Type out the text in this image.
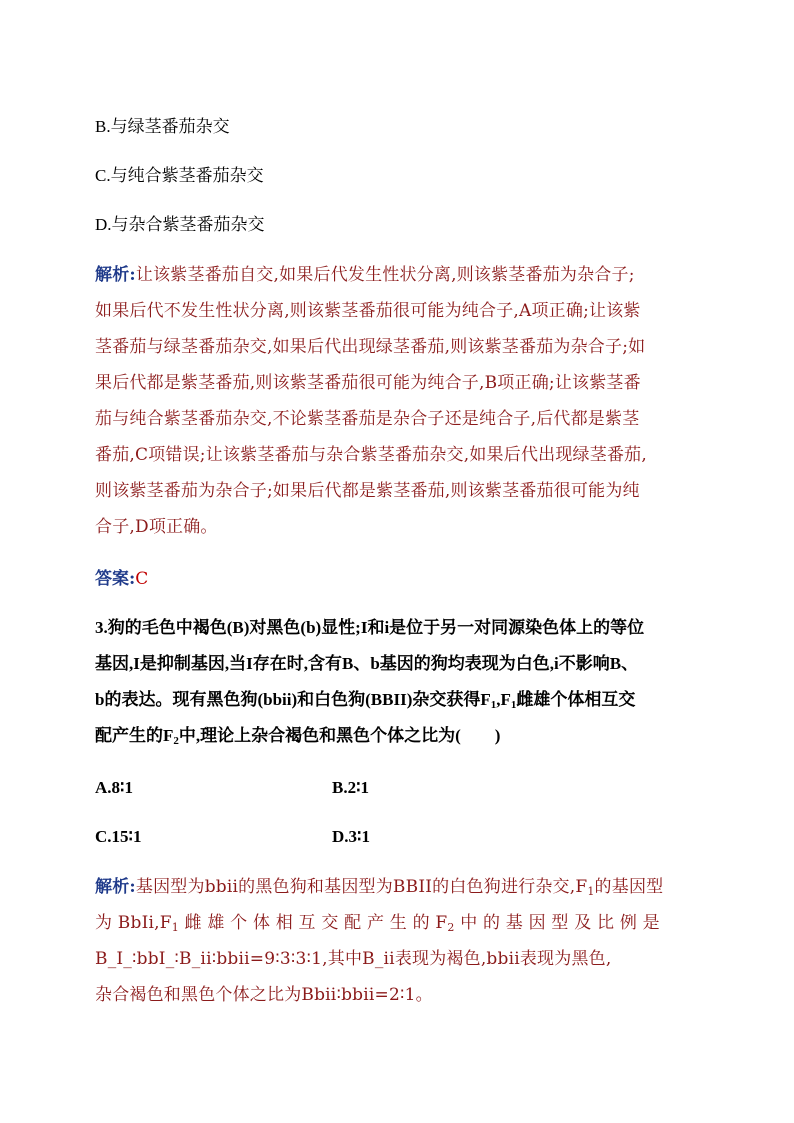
B.与绿茎番茄杂交
C.与纯合紫茎番茄杂交
D.与杂合紫茎番茄杂交
解析:让该紫茎番茄自交,如果后代发生性状分离,则该紫茎番茄为杂合子;
如果后代不发生性状分离,则该紫茎番茄很可能为纯合子,A项正确;让该紫
茎番茄与绿茎番茄杂交,如果后代出现绿茎番茄,则该紫茎番茄为杂合子;如
果后代都是紫茎番茄,则该紫茎番茄很可能为纯合子,B项正确;让该紫茎番
茄与纯合紫茎番茄杂交,不论紫茎番茄是杂合子还是纯合子,后代都是紫茎
番茄,C项错误;让该紫茎番茄与杂合紫茎番茄杂交,如果后代出现绿茎番茄,
则该紫茎番茄为杂合子;如果后代都是紫茎番茄,则该紫茎番茄很可能为纯
合子,D项正确。
答案:C
3.狗的毛色中褐色(B)对黑色(b)显性;I和i是位于另一对同源染色体上的等位
基因,I是抑制基因,当I存在时,含有B、b基因的狗均表现为白色,i不影响B、
b的表达。现有黑色狗(bbii)和白色狗(BBII)杂交获得$F_1,F_1$雌雄个体相互交
配产生的$F_2$中,理论上杂合褐色和黑色个体之比为(　　)
A.8∶1	B.2∶1
C.15∶1	D.3∶1
解析:基因型为bbii的黑色狗和基因型为BBII的白色狗进行杂交$,F_1$的基因型
为 $BbIi,F_1$ 雌 雄 个 体 相 互 交 配 产 生 的 $F_2$ 中 的 基 因 型 及 比 例 是
B_I_∶bbI_∶B_ii∶bbii=9∶3∶3∶1,其中B_ii表现为褐色,bbii表现为黑色,
杂合褐色和黑色个体之比为Bbii∶bbii=2∶1。
